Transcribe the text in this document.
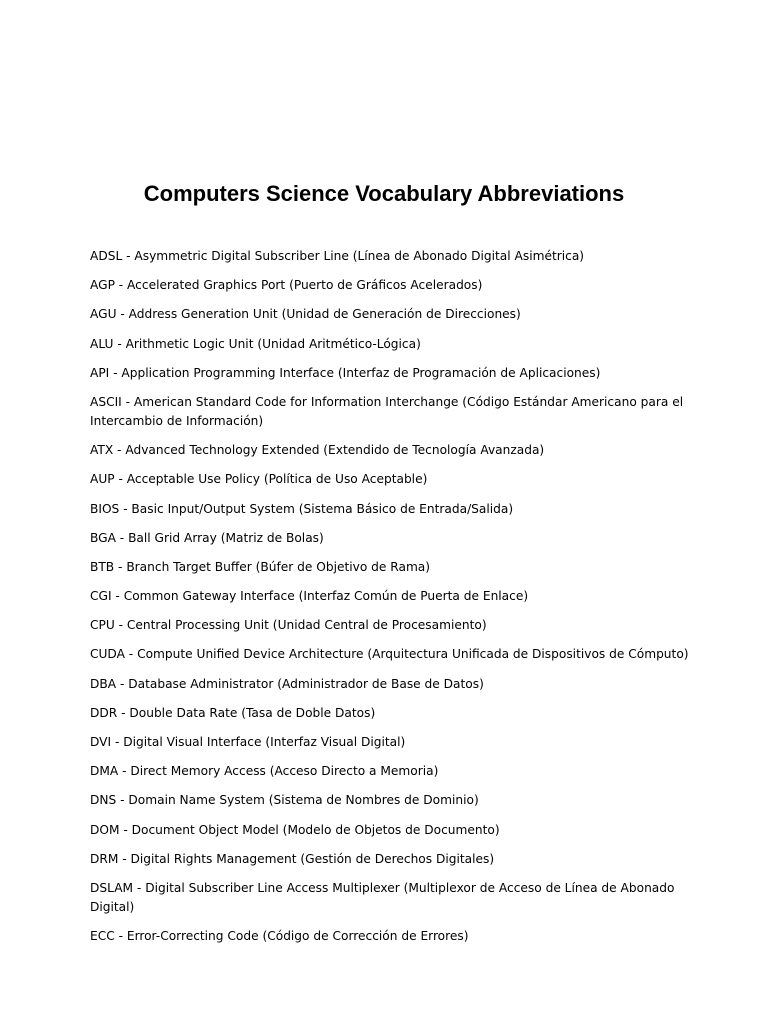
Computers Science Vocabulary Abbreviations
ADSL - Asymmetric Digital Subscriber Line (Línea de Abonado Digital Asimétrica)
AGP - Accelerated Graphics Port (Puerto de Gráficos Acelerados)
AGU - Address Generation Unit (Unidad de Generación de Direcciones)
ALU - Arithmetic Logic Unit (Unidad Aritmético-Lógica)
API - Application Programming Interface (Interfaz de Programación de Aplicaciones)
ASCII - American Standard Code for Information Interchange (Código Estándar Americano para el Intercambio de Información)
ATX - Advanced Technology Extended (Extendido de Tecnología Avanzada)
AUP - Acceptable Use Policy (Política de Uso Aceptable)
BIOS - Basic Input/Output System (Sistema Básico de Entrada/Salida)
BGA - Ball Grid Array (Matriz de Bolas)
BTB - Branch Target Buffer (Búfer de Objetivo de Rama)
CGI - Common Gateway Interface (Interfaz Común de Puerta de Enlace)
CPU - Central Processing Unit (Unidad Central de Procesamiento)
CUDA - Compute Unified Device Architecture (Arquitectura Unificada de Dispositivos de Cómputo)
DBA - Database Administrator (Administrador de Base de Datos)
DDR - Double Data Rate (Tasa de Doble Datos)
DVI - Digital Visual Interface (Interfaz Visual Digital)
DMA - Direct Memory Access (Acceso Directo a Memoria)
DNS - Domain Name System (Sistema de Nombres de Dominio)
DOM - Document Object Model (Modelo de Objetos de Documento)
DRM - Digital Rights Management (Gestión de Derechos Digitales)
DSLAM - Digital Subscriber Line Access Multiplexer (Multiplexor de Acceso de Línea de Abonado Digital)
ECC - Error-Correcting Code (Código de Corrección de Errores)
